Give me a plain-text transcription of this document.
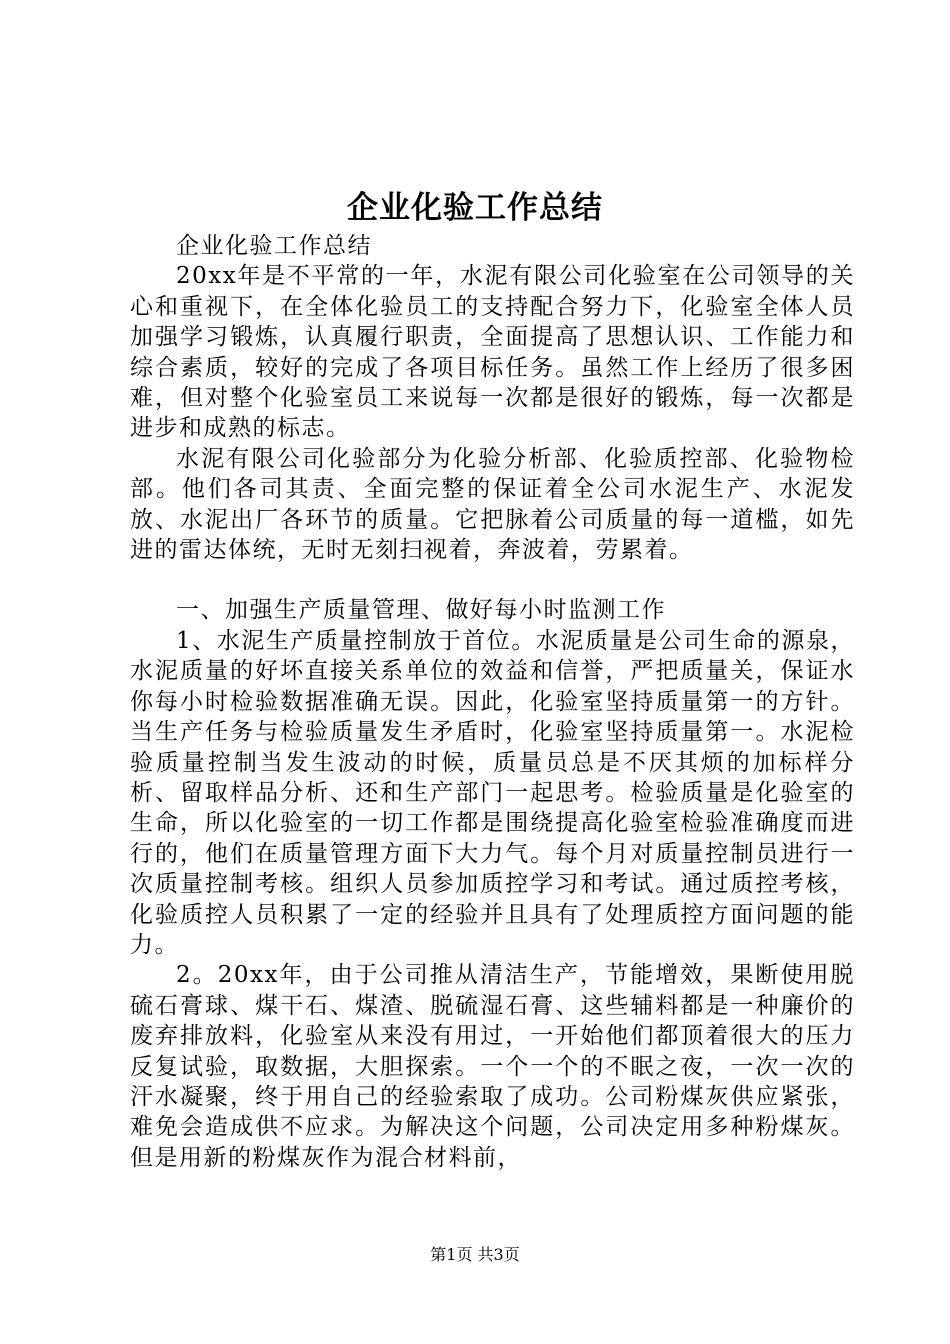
企业化验工作总结

企业化验工作总结

20xx年是不平常的一年，水泥有限公司化验室在公司领导的关心和重视下，在全体化验员工的支持配合努力下，化验室全体人员加强学习锻炼，认真履行职责，全面提高了思想认识、工作能力和综合素质，较好的完成了各项目标任务。虽然工作上经历了很多困难，但对整个化验室员工来说每一次都是很好的锻炼，每一次都是进步和成熟的标志。

水泥有限公司化验部分为化验分析部、化验质控部、化验物检部。他们各司其责、全面完整的保证着全公司水泥生产、水泥发放、水泥出厂各环节的质量。它把脉着公司质量的每一道槛，如先进的雷达体统，无时无刻扫视着，奔波着，劳累着。

一、加强生产质量管理、做好每小时监测工作

1、水泥生产质量控制放于首位。水泥质量是公司生命的源泉，水泥质量的好坏直接关系单位的效益和信誉，严把质量关，保证水你每小时检验数据准确无误。因此，化验室坚持质量第一的方针。当生产任务与检验质量发生矛盾时，化验室坚持质量第一。水泥检验质量控制当发生波动的时候，质量员总是不厌其烦的加标样分析、留取样品分析、还和生产部门一起思考。检验质量是化验室的生命，所以化验室的一切工作都是围绕提高化验室检验准确度而进行的，他们在质量管理方面下大力气。每个月对质量控制员进行一次质量控制考核。组织人员参加质控学习和考试。通过质控考核，化验质控人员积累了一定的经验并且具有了处理质控方面问题的能力。

2。20xx年，由于公司推从清洁生产，节能增效，果断使用脱硫石膏球、煤干石、煤渣、脱硫湿石膏、这些辅料都是一种廉价的废弃排放料，化验室从来没有用过，一开始他们都顶着很大的压力反复试验，取数据，大胆探索。一个一个的不眠之夜，一次一次的汗水凝聚，终于用自己的经验索取了成功。公司粉煤灰供应紧张，难免会造成供不应求。为解决这个问题，公司决定用多种粉煤灰。但是用新的粉煤灰作为混合材料前，

第1页 共3页
